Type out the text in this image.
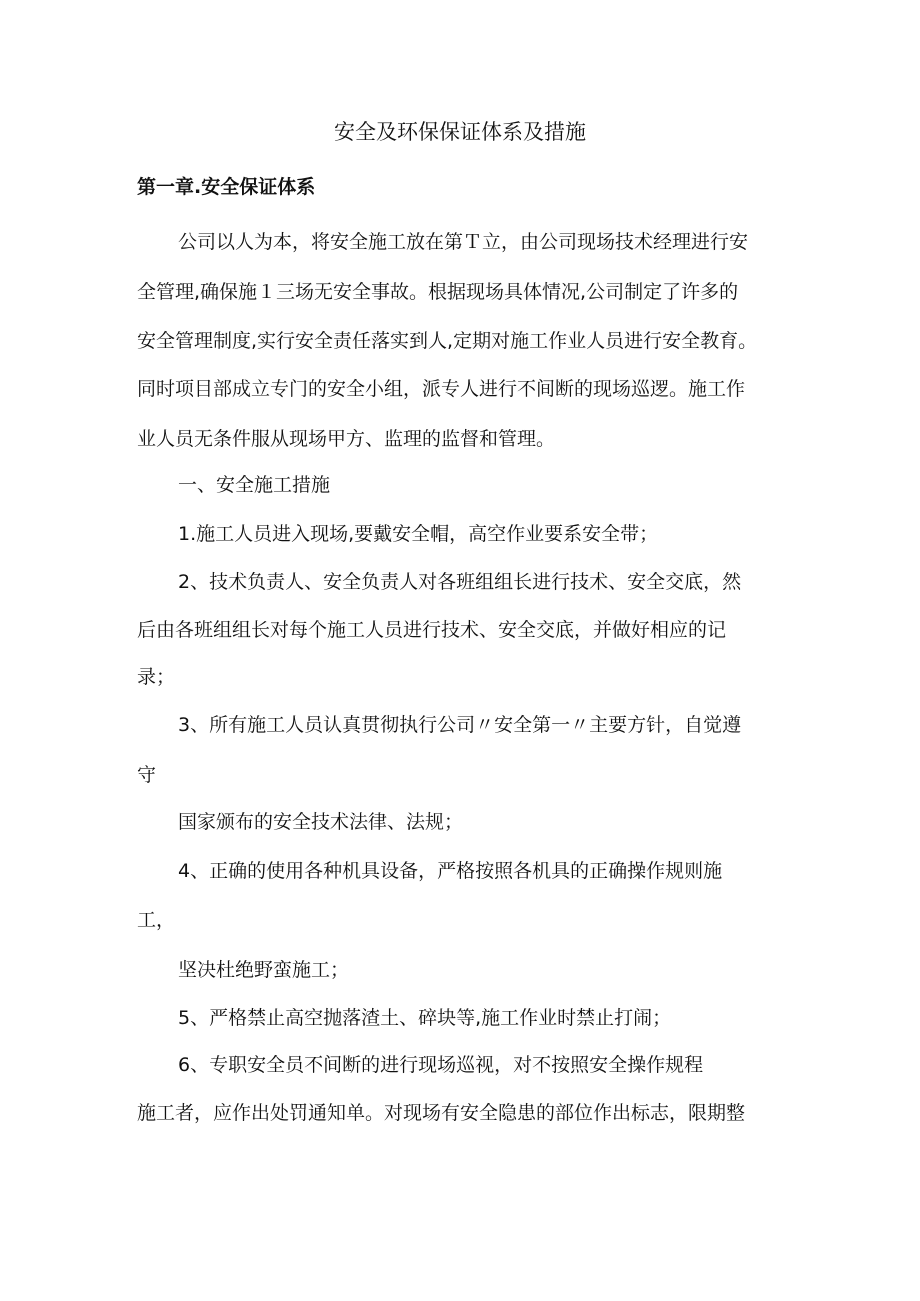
安全及环保保证体系及措施
第一章.安全保证体系
公司以人为本，将安全施工放在第Ｔ立，由公司现场技术经理进行安
全管理,确保施１三场无安全事故。根据现场具体情况,公司制定了许多的
安全管理制度,实行安全责任落实到人,定期对施工作业人员进行安全教育。
同时项目部成立专门的安全小组，派专人进行不间断的现场巡逻。施工作
业人员无条件服从现场甲方、监理的监督和管理。
一、安全施工措施
1.施工人员进入现场,要戴安全帽，高空作业要系安全带；
2、技术负责人、安全负责人对各班组组长进行技术、安全交底，然
后由各班组组长对每个施工人员进行技术、安全交底，并做好相应的记
录；
3、所有施工人员认真贯彻执行公司〃安全第一〃主要方针，自觉遵
守
国家颁布的安全技术法律、法规；
4、正确的使用各种机具设备，严格按照各机具的正确操作规则施
工，
坚决杜绝野蛮施工；
5、严格禁止高空抛落渣土、碎块等,施工作业时禁止打闹；
6、专职安全员不间断的进行现场巡视，对不按照安全操作规程
施工者，应作出处罚通知单。对现场有安全隐患的部位作出标志，限期整
